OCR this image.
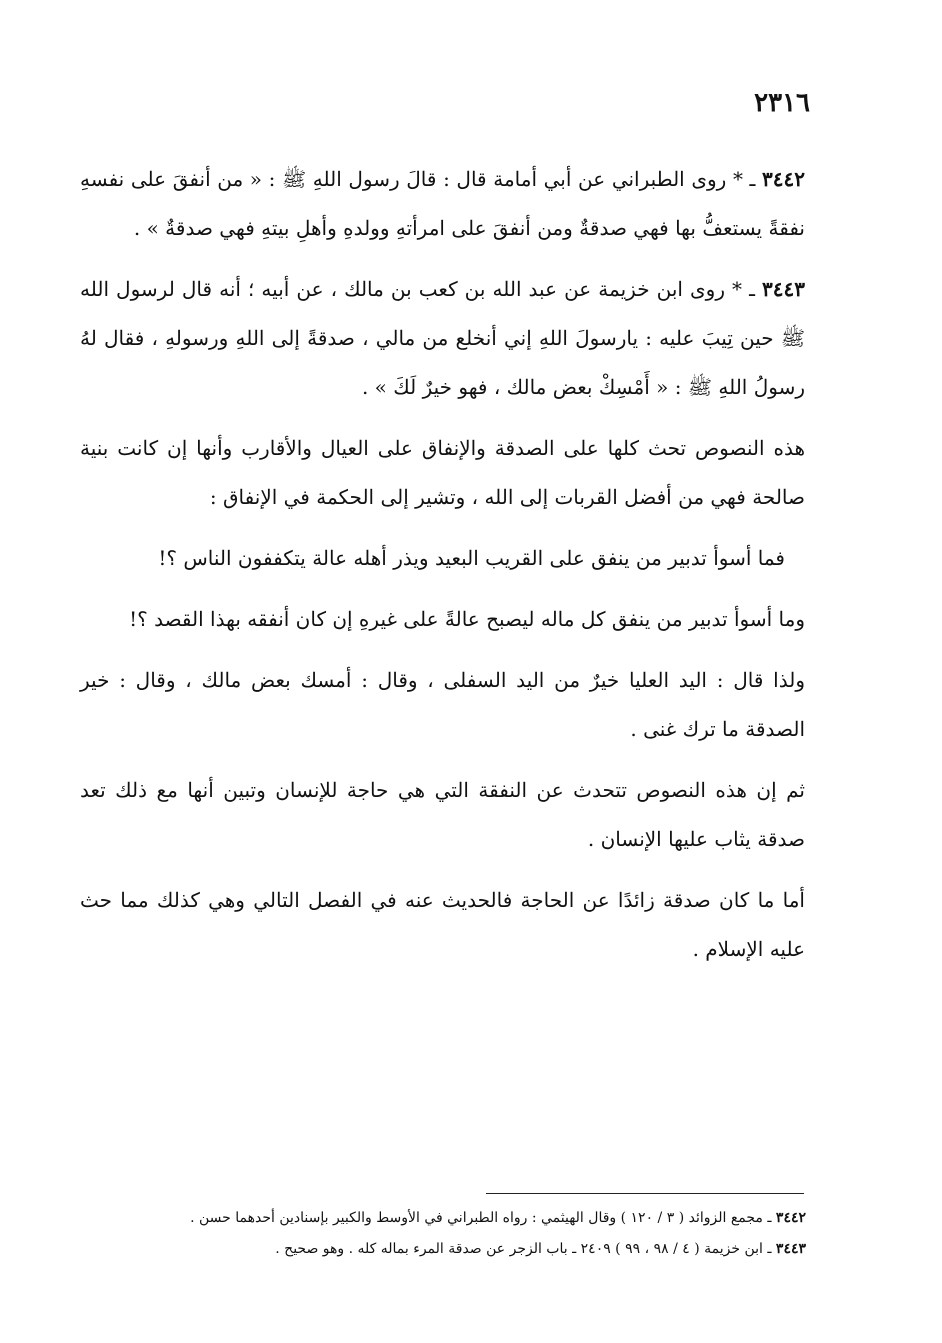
٢٣١٦

٣٤٤٢ ـ * روى الطبراني عن أبي أمامة قال : قالَ رسول اللهِ ﷺ : « من أنفقَ على نفسهِ نفقةً يستعفُّ بها فهي صدقةٌ ومن أنفقَ على امرأتهِ وولدهِ وأهلِ بيتهِ فهي صدقةٌ » .

٣٤٤٣ ـ * روى ابن خزيمة عن عبد الله بن كعب بن مالك ، عن أبيه ؛ أنه قال لرسول الله ﷺ حين تِيبَ عليه : يارسولَ اللهِ إني أنخلع من مالي ، صدقةً إلى اللهِ ورسولهِ ، فقال لهُ رسولُ اللهِ ﷺ : « أَمْسِكْ بعض مالك ، فهو خيرٌ لَكَ » .

هذه النصوص تحث كلها على الصدقة والإنفاق على العيال والأقارب وأنها إن كانت بنية صالحة فهي من أفضل القربات إلى الله ، وتشير إلى الحكمة في الإنفاق :

فما أسوأ تدبير من ينفق على القريب البعيد ويذر أهله عالة يتكففون الناس ؟!

وما أسوأ تدبير من ينفق كل ماله ليصبح عالةً على غيرهِ إن كان أنفقه بهذا القصد ؟!

ولذا قال : اليد العليا خيرٌ من اليد السفلى ، وقال : أمسك بعض مالك ، وقال : خير الصدقة ما ترك غنى .

ثم إن هذه النصوص تتحدث عن النفقة التي هي حاجة للإنسان وتبين أنها مع ذلك تعد صدقة يثاب عليها الإنسان .

أما ما كان صدقة زائدًا عن الحاجة فالحديث عنه في الفصل التالي وهي كذلك مما حث عليه الإسلام .

٣٤٤٢ ـ مجمع الزوائد ( ٣ / ١٢٠ ) وقال الهيثمي : رواه الطبراني في الأوسط والكبير بإسنادين أحدهما حسن .

٣٤٤٣ ـ ابن خزيمة ( ٤ / ٩٨ ، ٩٩ ) ٢٤٠٩ ـ باب الزجر عن صدقة المرء بماله كله . وهو صحيح .
